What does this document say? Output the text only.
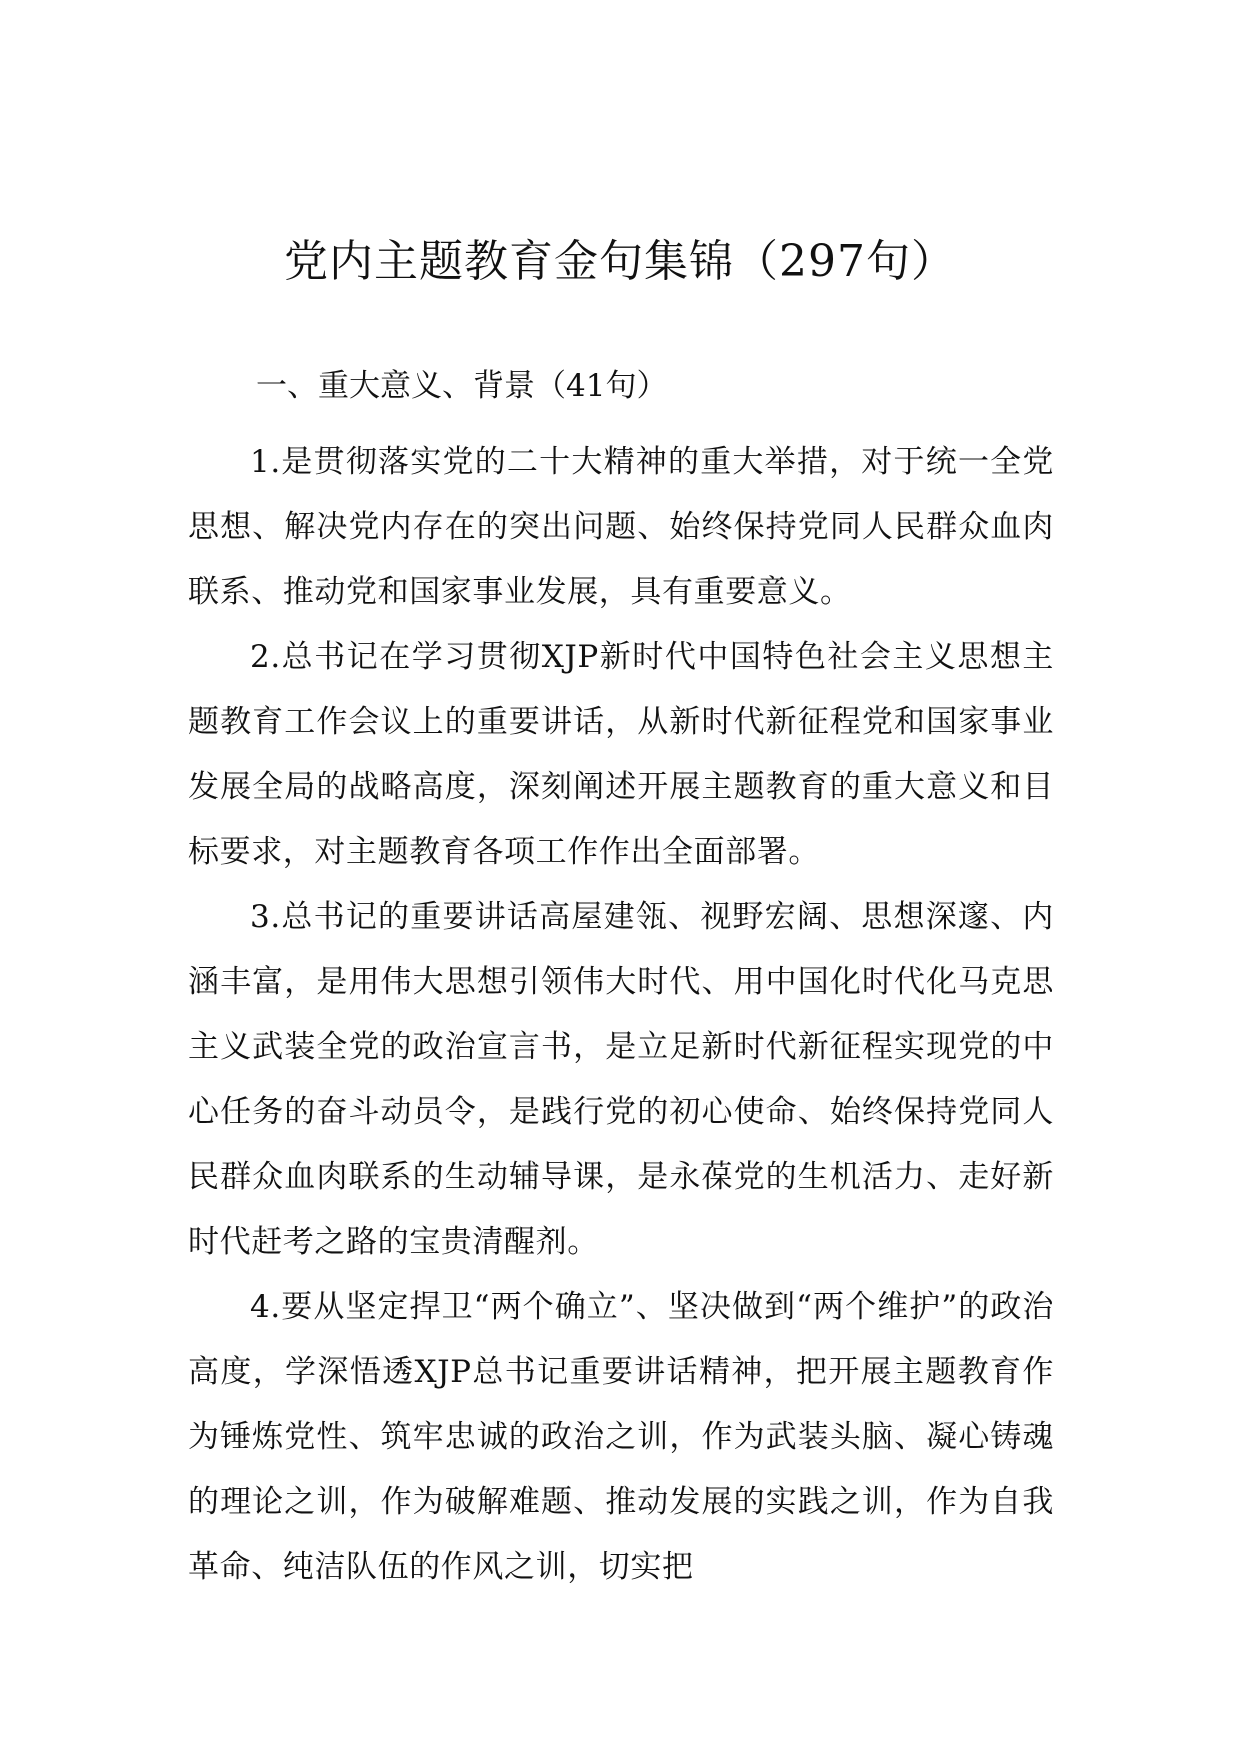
党内主题教育金句集锦（297句）
一、重大意义、背景（41句）

1.是贯彻落实党的二十大精神的重大举措，对于统一全党思想、解决党内存在的突出问题、始终保持党同人民群众血肉联系、推动党和国家事业发展，具有重要意义。

2.总书记在学习贯彻XJP新时代中国特色社会主义思想主题教育工作会议上的重要讲话，从新时代新征程党和国家事业发展全局的战略高度，深刻阐述开展主题教育的重大意义和目标要求，对主题教育各项工作作出全面部署。

3.总书记的重要讲话高屋建瓴、视野宏阔、思想深邃、内涵丰富，是用伟大思想引领伟大时代、用中国化时代化马克思主义武装全党的政治宣言书，是立足新时代新征程实现党的中心任务的奋斗动员令，是践行党的初心使命、始终保持党同人民群众血肉联系的生动辅导课，是永葆党的生机活力、走好新时代赶考之路的宝贵清醒剂。

4.要从坚定捍卫“两个确立”、坚决做到“两个维护”的政治高度，学深悟透XJP总书记重要讲话精神，把开展主题教育作为锤炼党性、筑牢忠诚的政治之训，作为武装头脑、凝心铸魂的理论之训，作为破解难题、推动发展的实践之训，作为自我革命、纯洁队伍的作风之训，切实把
